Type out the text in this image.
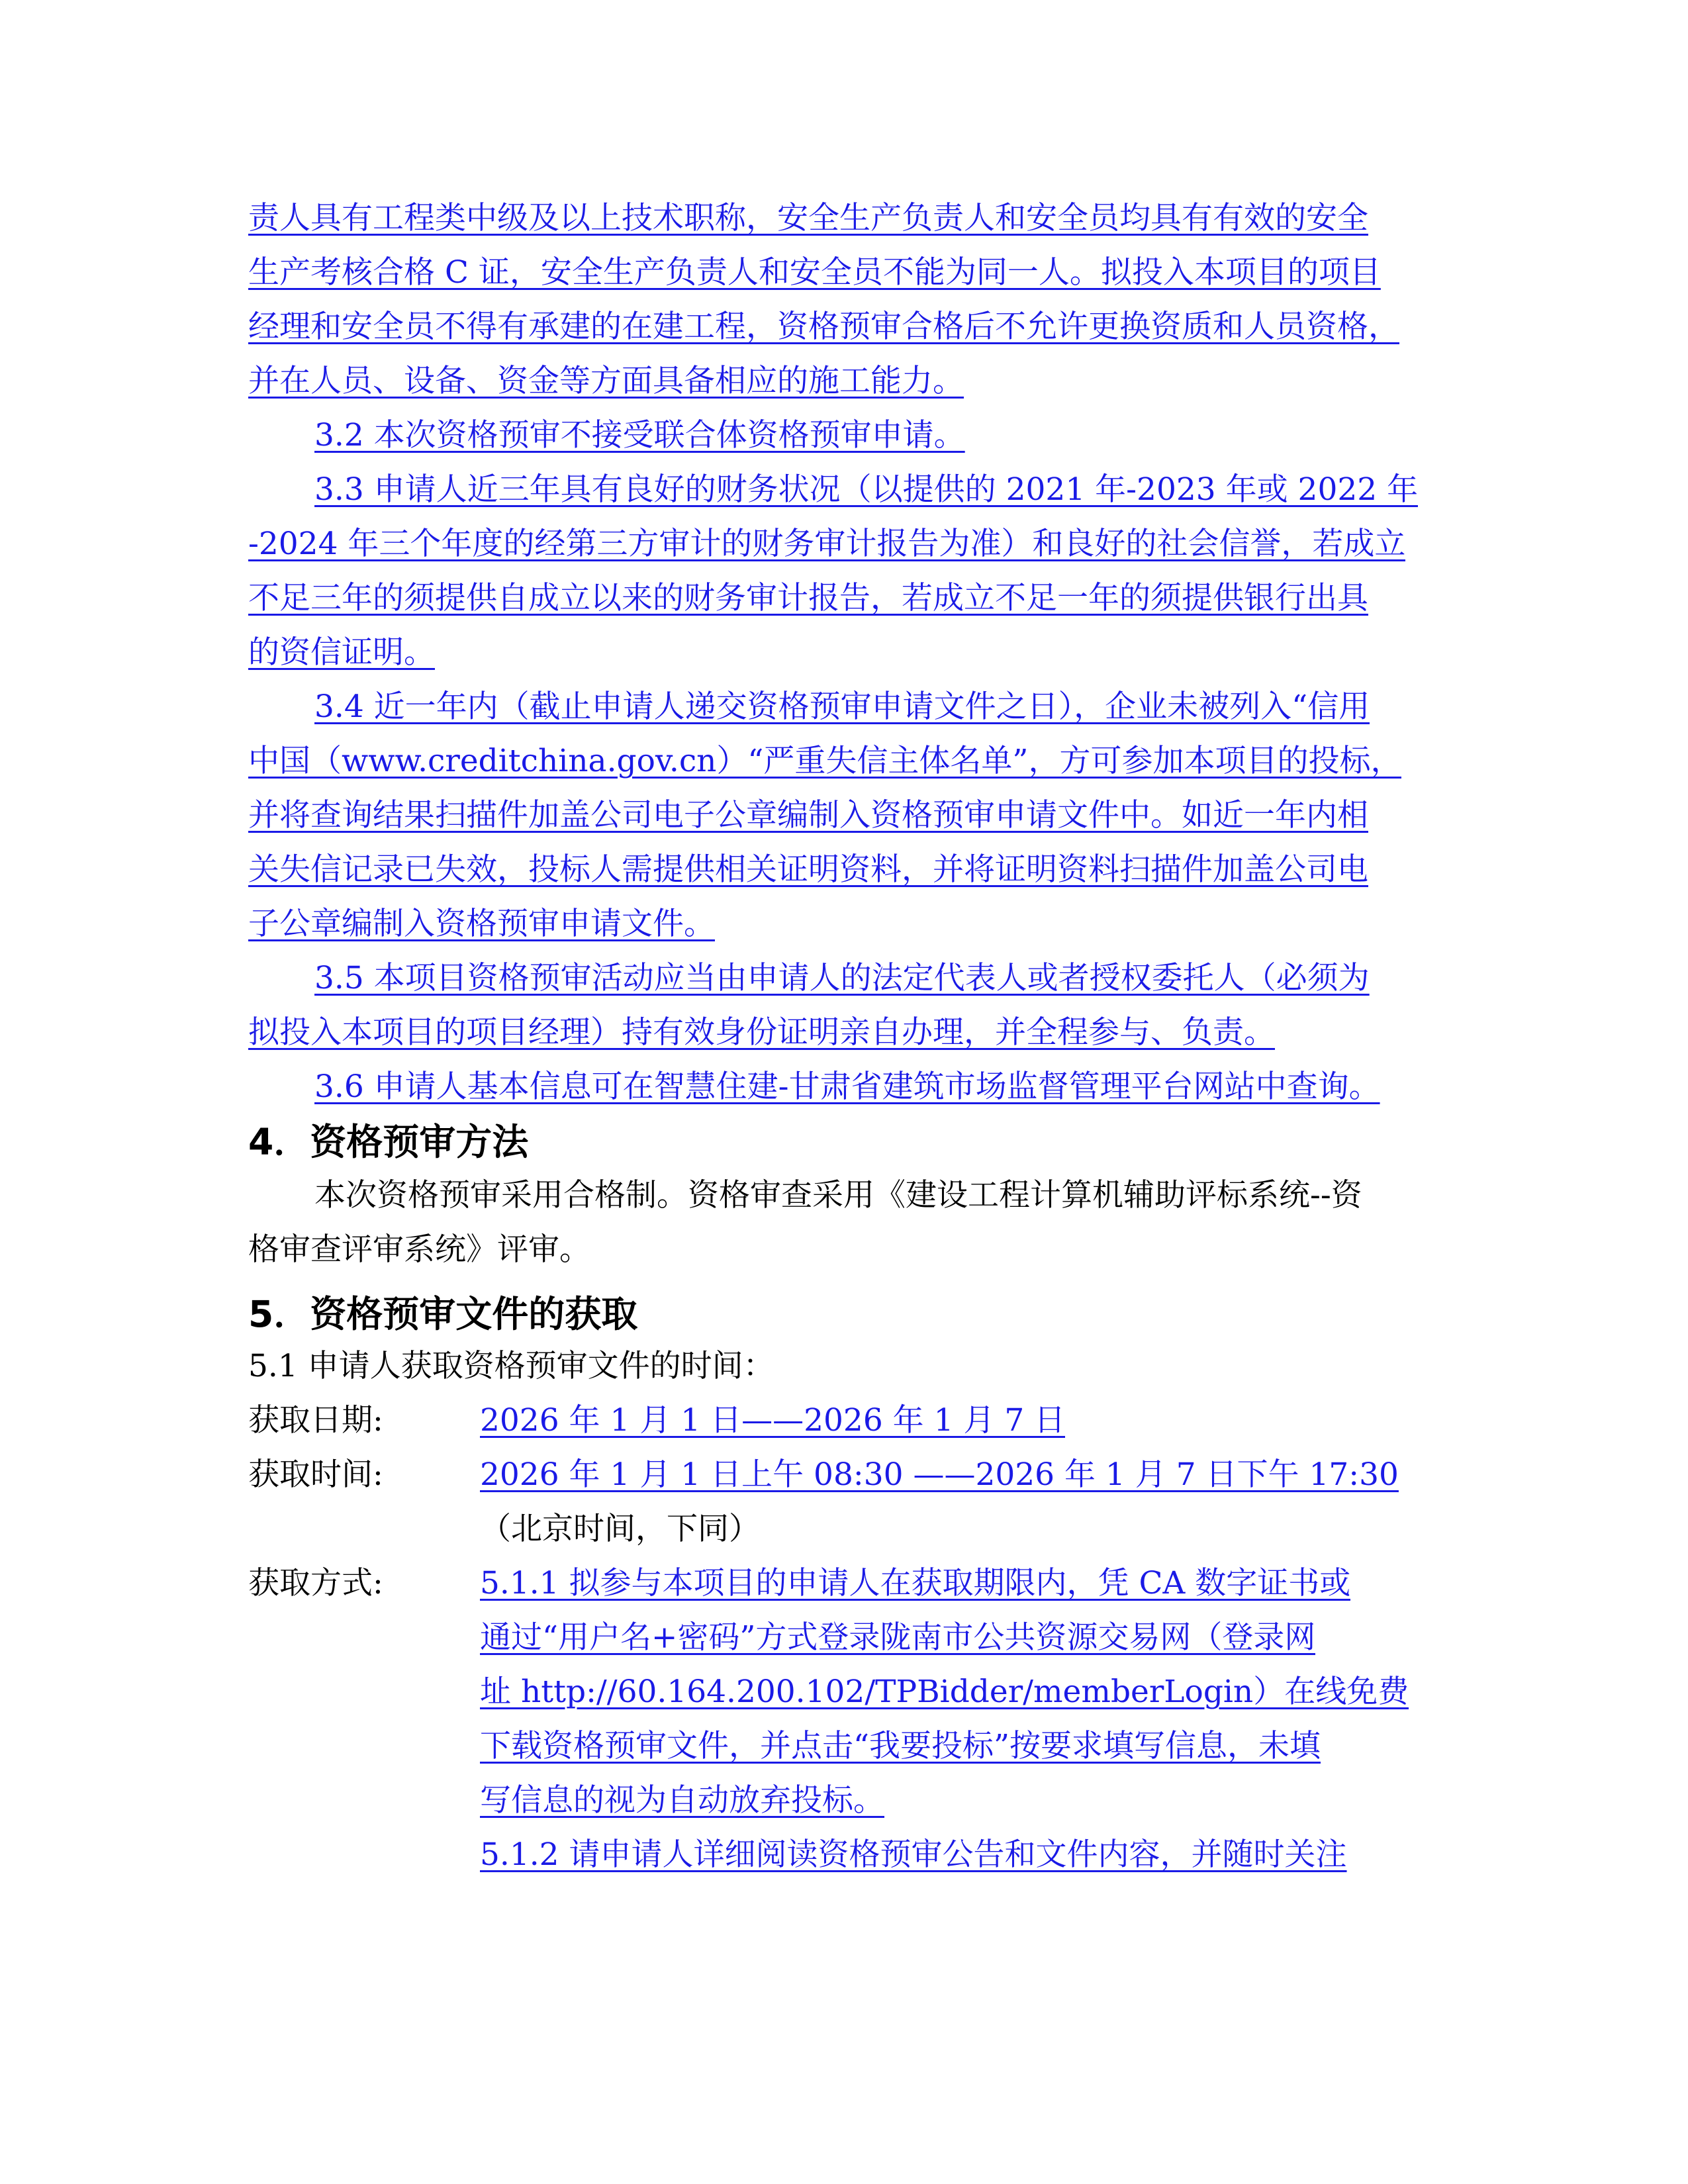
责人具有工程类中级及以上技术职称，安全生产负责人和安全员均具有有效的安全
生产考核合格 C 证，安全生产负责人和安全员不能为同一人。拟投入本项目的项目
经理和安全员不得有承建的在建工程，资格预审合格后不允许更换资质和人员资格，
并在人员、设备、资金等方面具备相应的施工能力。
3.2 本次资格预审不接受联合体资格预审申请。
3.3 申请人近三年具有良好的财务状况（以提供的 2021 年-2023 年或 2022 年
-2024 年三个年度的经第三方审计的财务审计报告为准）和良好的社会信誉，若成立
不足三年的须提供自成立以来的财务审计报告，若成立不足一年的须提供银行出具
的资信证明。
3.4 近一年内（截止申请人递交资格预审申请文件之日），企业未被列入“信用
中国（www.creditchina.gov.cn）“严重失信主体名单”，方可参加本项目的投标，
并将查询结果扫描件加盖公司电子公章编制入资格预审申请文件中。如近一年内相
关失信记录已失效，投标人需提供相关证明资料，并将证明资料扫描件加盖公司电
子公章编制入资格预审申请文件。
3.5 本项目资格预审活动应当由申请人的法定代表人或者授权委托人（必须为
拟投入本项目的项目经理）持有效身份证明亲自办理，并全程参与、负责。
3.6 申请人基本信息可在智慧住建-甘肃省建筑市场监督管理平台网站中查询。
4．资格预审方法
本次资格预审采用合格制。资格审查采用《建设工程计算机辅助评标系统--资
格审查评审系统》评审。
5．资格预审文件的获取
5.1 申请人获取资格预审文件的时间：
获取日期:	2026 年 1 月 1 日——2026 年 1 月 7 日
获取时间:	2026 年 1 月 1 日上午 08:30 ——2026 年 1 月 7 日下午 17:30
（北京时间，下同）
获取方式:	5.1.1 拟参与本项目的申请人在获取期限内，凭 CA 数字证书或
通过“用户名+密码”方式登录陇南市公共资源交易网（登录网
址 http://60.164.200.102/TPBidder/memberLogin）在线免费
下载资格预审文件，并点击“我要投标”按要求填写信息，未填
写信息的视为自动放弃投标。
5.1.2 请申请人详细阅读资格预审公告和文件内容，并随时关注
